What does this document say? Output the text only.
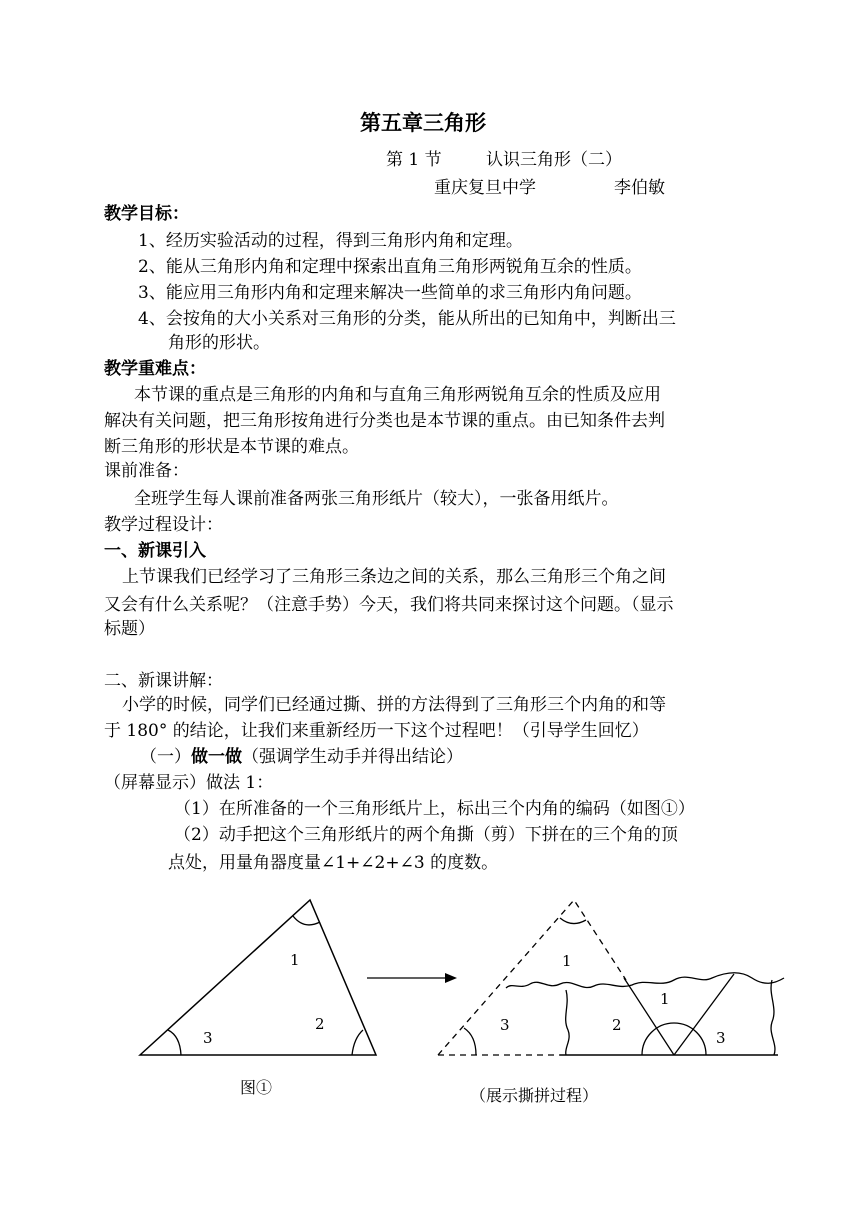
第五章三角形
第 1 节	认识三角形（二）
重庆复旦中学	李伯敏
教学目标：
1、经历实验活动的过程，得到三角形内角和定理。
2、能从三角形内角和定理中探索出直角三角形两锐角互余的性质。
3、能应用三角形内角和定理来解决一些简单的求三角形内角问题。
4、会按角的大小关系对三角形的分类，能从所出的已知角中，判断出三
角形的形状。
教学重难点：
本节课的重点是三角形的内角和与直角三角形两锐角互余的性质及应用
解决有关问题，把三角形按角进行分类也是本节课的重点。由已知条件去判
断三角形的形状是本节课的难点。
课前准备：
全班学生每人课前准备两张三角形纸片（较大），一张备用纸片。
教学过程设计：
一、新课引入
上节课我们已经学习了三角形三条边之间的关系，那么三角形三个角之间
又会有什么关系呢？（注意手势）今天，我们将共同来探讨这个问题。（显示
标题）
二、新课讲解：
小学的时候，同学们已经通过撕、拼的方法得到了三角形三个内角的和等
于 180° 的结论，让我们来重新经历一下这个过程吧！（引导学生回忆）
（一）做一做（强调学生动手并得出结论）
（屏幕显示）做法 1：
（1）在所准备的一个三角形纸片上，标出三个内角的编码（如图①）
（2）动手把这个三角形纸片的两个角撕（剪）下拼在的三个角的顶
点处，用量角器度量∠1+∠2+∠3 的度数。
1
2
3
1
1
2
3
3
图①	（展示撕拼过程）
